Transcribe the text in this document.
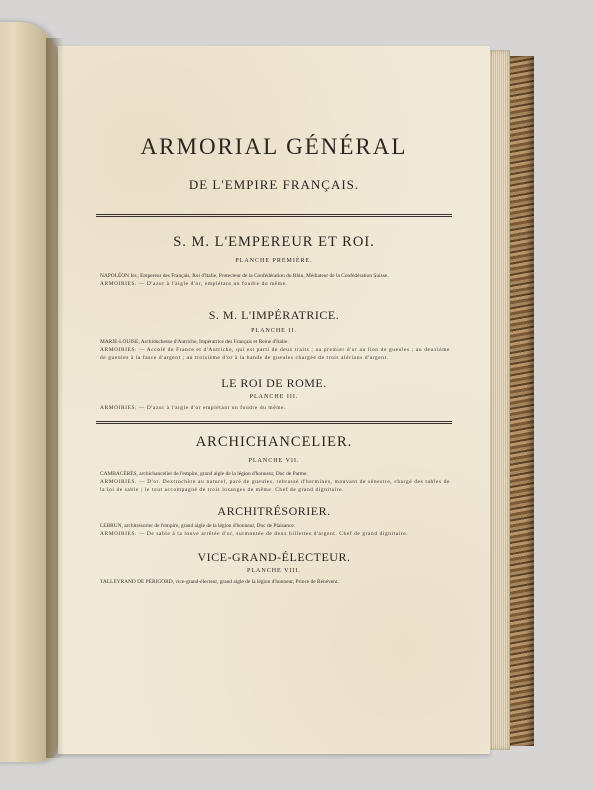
ARMORIAL GÉNÉRAL
DE L'EMPIRE FRANÇAIS.
S. M. L'EMPEREUR ET ROI.
PLANCHE PREMIÈRE.
NAPOLÉON Ier., Empereur des Français, Roi d'Italie, Protecteur de la Confédération du Rhin, Médiateur de la Confédération Suisse.
ARMOIRIES. — D'azur à l'aigle d'or, empiétant un foudre du même.
S. M. L'IMPÉRATRICE.
PLANCHE II.
MARIE-LOUISE, Archiduchesse d'Autriche, Impératrice des Français et Reine d'Italie.
ARMOIRIES. — Accolé de France et d'Autriche, qui est parti de deux traits ; au premier d'or au lion de gueules ; au deuxième de gueules à la fasce d'argent ; au troisième d'or à la bande de gueules chargée de trois alérions d'argent.
LE ROI DE ROME.
PLANCHE III.
ARMOIRIES. — D'azur à l'aigle d'or empiétant un foudre du même.
ARCHICHANCELIER.
PLANCHE VII.
CAMBACÉRÈS, archichancelier de l'empire, grand aigle de la légion d'honneur, Duc de Parme.
ARMOIRIES. — D'or. Dextrochère au naturel, paré de gueules, rebrassé d'hermines, mouvant de sénestre, chargé des tables de la loi de sable ; le tout accompagné de trois losanges de même. Chef de grand dignitaire.
ARCHITRÉSORIER.
LEBRUN, architrésorier de l'empire, grand aigle de la légion d'honneur, Duc de Plaisance.
ARMOIRIES. — De sable à la louve arrêtée d'or, surmontée de deux billettes d'argent. Chef de grand dignitaire.
VICE-GRAND-ÉLECTEUR.
PLANCHE VIII.
TALLEYRAND DE PÉRIGORD, vice-grand-électeur, grand aigle de la légion d'honneur, Prince de Bénévent.
